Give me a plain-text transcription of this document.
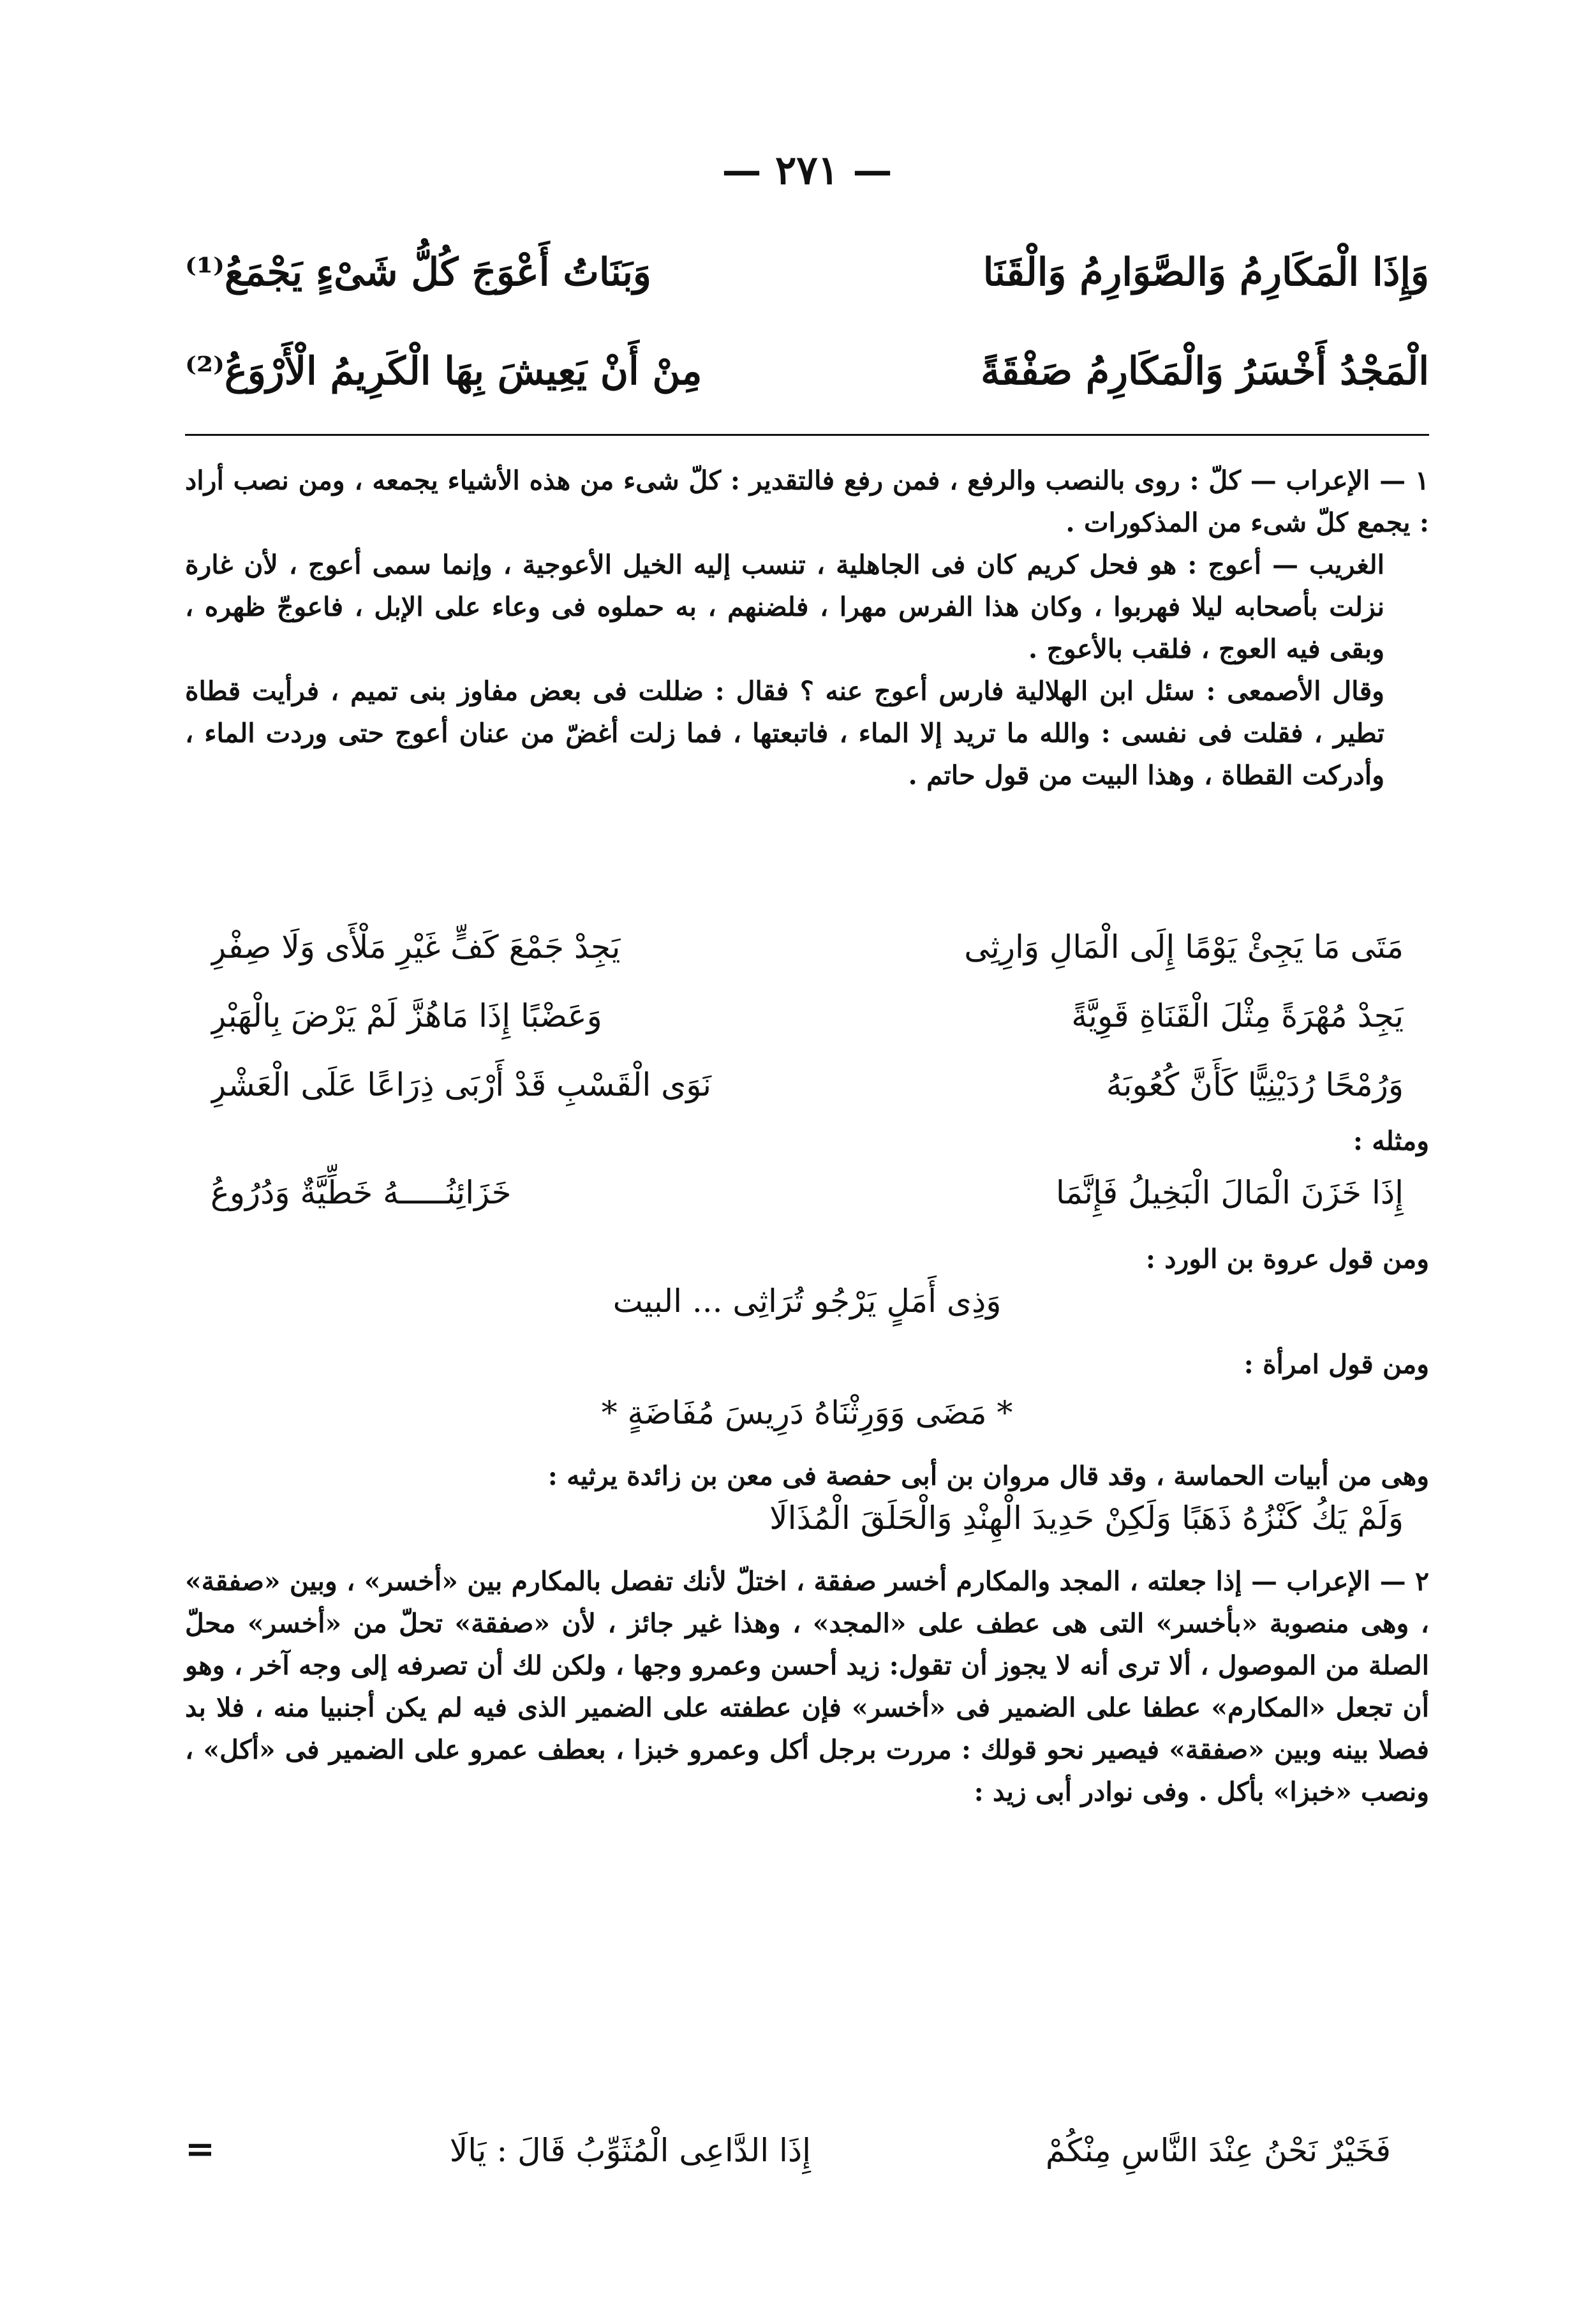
— ٢٧١ —
وَإِذَا الْمَكَارِمُ وَالصَّوَارِمُ وَالْقَنَا
وَبَنَاتُ أَعْوَجَ كُلُّ شَىْءٍ يَجْمَعُ⁽¹⁾
الْمَجْدُ أَخْسَرُ وَالْمَكَارِمُ صَفْقَةً
مِنْ أَنْ يَعِيشَ بِهَا الْكَرِيمُ الْأَرْوَعُ⁽²⁾
١ — الإعراب — كلّ : روى بالنصب والرفع ، فمن رفع فالتقدير : كلّ شىء من هذه الأشياء يجمعه ، ومن نصب أراد : يجمع كلّ شىء من المذكورات .
الغريب — أعوج : هو فحل كريم كان فى الجاهلية ، تنسب إليه الخيل الأعوجية ، وإنما سمى أعوج ، لأن غارة نزلت بأصحابه ليلا فهربوا ، وكان هذا الفرس مهرا ، فلضنهم ، به حملوه فى وعاء على الإبل ، فاعوجّ ظهره ، وبقى فيه العوج ، فلقب بالأعوج .
وقال الأصمعى : سئل ابن الهلالية فارس أعوج عنه ؟ فقال : ضللت فى بعض مفاوز بنى تميم ، فرأيت قطاة تطير ، فقلت فى نفسى : والله ما تريد إلا الماء ، فاتبعتها ، فما زلت أغضّ من عنان أعوج حتى وردت الماء ، وأدركت القطاة ، وهذا البيت من قول حاتم .
مَتَى مَا يَجِئْ يَوْمًا إِلَى الْمَالِ وَارِثِى
يَجِدْ جَمْعَ كَفٍّ غَيْرِ مَلْأَى وَلَا صِفْرِ
يَجِدْ مُهْرَةً مِثْلَ الْقَنَاةِ قَوِيَّةً
وَعَضْبًا إِذَا مَاهُزَّ لَمْ يَرْضَ بِالْهَبْرِ
وَرُمْحًا رُدَيْنِيًّا كَأَنَّ كُعُوبَهُ
نَوَى الْقَسْبِ قَدْ أَرْبَى ذِرَاعًا عَلَى الْعَشْرِ
ومثله :
إِذَا خَزَنَ الْمَالَ الْبَخِيلُ فَإِنَّمَا
خَزَائِنُـــــهُ خَطِّيَّةٌ وَدُرُوعُ
ومن قول عروة بن الورد :
وَذِى أَمَلٍ يَرْجُو تُرَاثِى ... البيت
ومن قول امرأة :
* مَضَى وَوَرِثْنَاهُ دَرِيسَ مُفَاضَةٍ *
وهى من أبيات الحماسة ، وقد قال مروان بن أبى حفصة فى معن بن زائدة يرثيه :
وَلَمْ يَكُ كَنْزُهُ ذَهَبًا وَلَكِنْ حَدِيدَ الْهِنْدِ وَالْحَلَقَ الْمُذَالَا
٢ — الإعراب — إذا جعلته ، المجد والمكارم أخسر صفقة ، اختلّ لأنك تفصل بالمكارم بين «أخسر» ، وبين «صفقة» ، وهى منصوبة «بأخسر» التى هى عطف على «المجد» ، وهذا غير جائز ، لأن «صفقة» تحلّ من «أخسر» محلّ الصلة من الموصول ، ألا ترى أنه لا يجوز أن تقول: زيد أحسن وعمرو وجها ، ولكن لك أن تصرفه إلى وجه آخر ، وهو أن تجعل «المكارم» عطفا على الضمير فى «أخسر» فإن عطفته على الضمير الذى فيه لم يكن أجنبيا منه ، فلا بد فصلا بينه وبين «صفقة» فيصير نحو قولك : مررت برجل أكل وعمرو خبزا ، بعطف عمرو على الضمير فى «أكل» ، ونصب «خبزا» بأكل . وفى نوادر أبى زيد :
فَخَيْرٌ نَحْنُ عِنْدَ النَّاسِ مِنْكُمْ
إِذَا الدَّاعِى الْمُثَوِّبُ قَالَ : يَالَا
=
